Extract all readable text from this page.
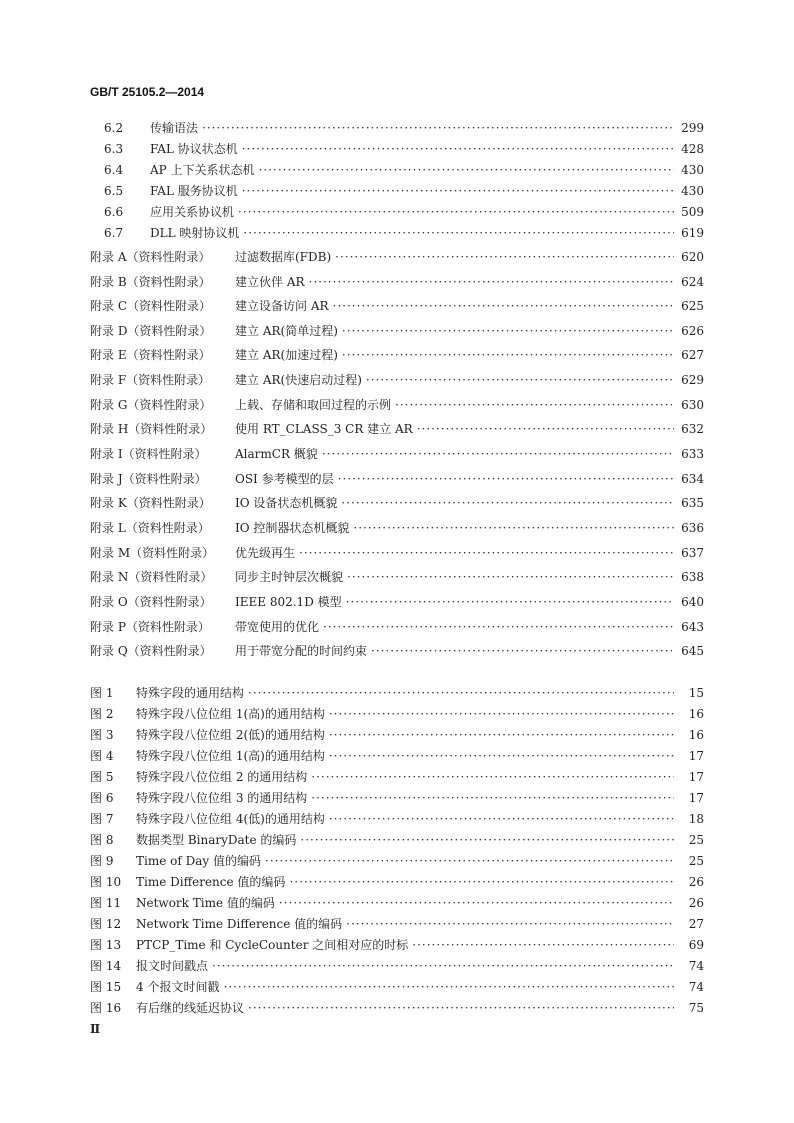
GB/T 25105.2—2014
6.2	传输语法 ·····	299
6.3	FAL 协议状态机 ·····	428
6.4	AP 上下关系状态机 ·····	430
6.5	FAL 服务协议机 ·····	430
6.6	应用关系协议机 ·····	509
6.7	DLL 映射协议机 ·····	619
附录 A（资料性附录）	过滤数据库(FDB) ·····	620
附录 B（资料性附录）	建立伙伴 AR ·····	624
附录 C（资料性附录）	建立设备访问 AR ·····	625
附录 D（资料性附录）	建立 AR(简单过程) ·····	626
附录 E（资料性附录）	建立 AR(加速过程) ·····	627
附录 F（资料性附录）	建立 AR(快速启动过程) ·····	629
附录 G（资料性附录）	上载、存储和取回过程的示例 ·····	630
附录 H（资料性附录）	使用 RT_CLASS_3 CR 建立 AR ·····	632
附录 I（资料性附录）	AlarmCR 概貌 ·····	633
附录 J（资料性附录）	OSI 参考模型的层 ·····	634
附录 K（资料性附录）	IO 设备状态机概貌 ·····	635
附录 L（资料性附录）	IO 控制器状态机概貌 ·····	636
附录 M（资料性附录）	优先级再生 ·····	637
附录 N（资料性附录）	同步主时钟层次概貌 ·····	638
附录 O（资料性附录）	IEEE 802.1D 模型 ·····	640
附录 P（资料性附录）	带宽使用的优化 ·····	643
附录 Q（资料性附录）	用于带宽分配的时间约束 ·····	645
图 1	特殊字段的通用结构 ·····	15
图 2	特殊字段八位位组 1(高)的通用结构 ·····	16
图 3	特殊字段八位位组 2(低)的通用结构 ·····	16
图 4	特殊字段八位位组 1(高)的通用结构 ·····	17
图 5	特殊字段八位位组 2 的通用结构 ·····	17
图 6	特殊字段八位位组 3 的通用结构 ·····	17
图 7	特殊字段八位位组 4(低)的通用结构 ·····	18
图 8	数据类型 BinaryDate 的编码 ·····	25
图 9	Time of Day 值的编码 ·····	25
图 10	Time Difference 值的编码 ·····	26
图 11	Network Time 值的编码 ·····	26
图 12	Network Time Difference 值的编码 ·····	27
图 13	PTCP_Time 和 CycleCounter 之间相对应的时标 ·····	69
图 14	报文时间戳点 ·····	74
图 15	4 个报文时间戳 ·····	74
图 16	有后继的线延迟协议 ·····	75
Ⅱ
